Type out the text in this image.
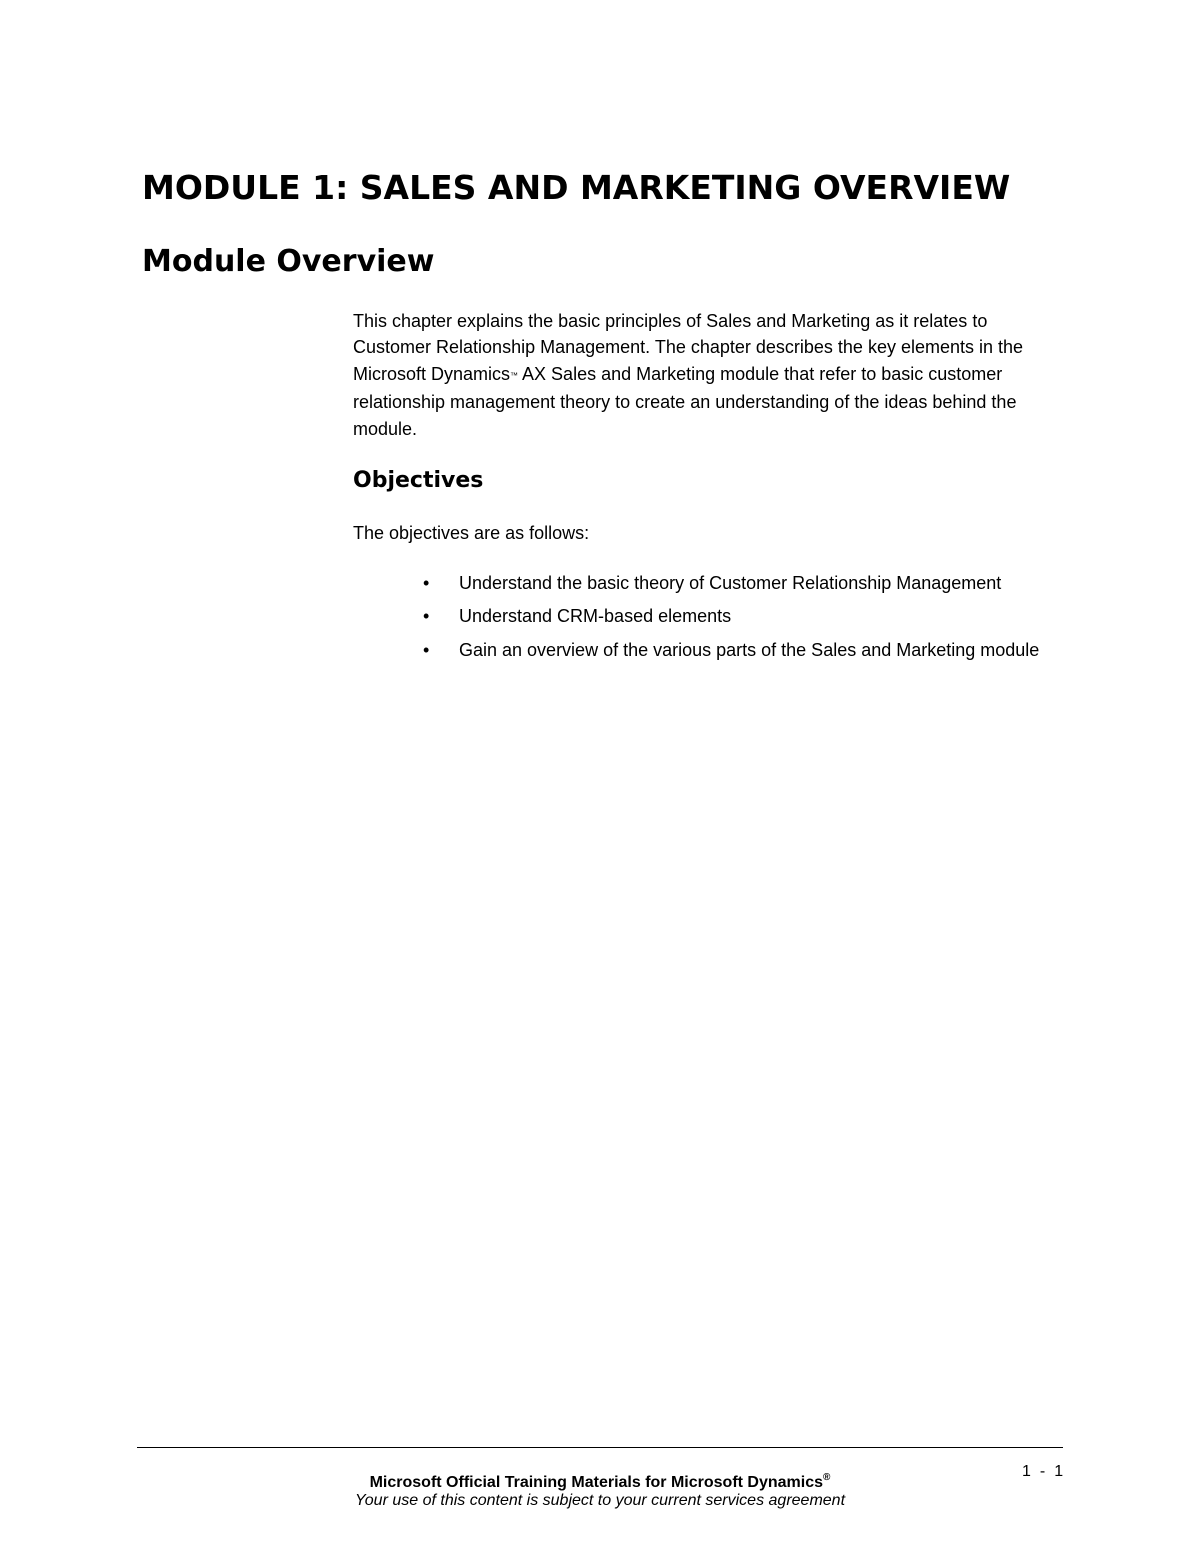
MODULE 1: SALES AND MARKETING OVERVIEW
Module Overview

This chapter explains the basic principles of Sales and Marketing as it relates to Customer Relationship Management. The chapter describes the key elements in the Microsoft Dynamics™ AX Sales and Marketing module that refer to basic customer relationship management theory to create an understanding of the ideas behind the module.

Objectives

The objectives are as follows:

• Understand the basic theory of Customer Relationship Management
• Understand CRM-based elements
• Gain an overview of the various parts of the Sales and Marketing module
Microsoft Official Training Materials for Microsoft Dynamics®
Your use of this content is subject to your current services agreement
1-1
